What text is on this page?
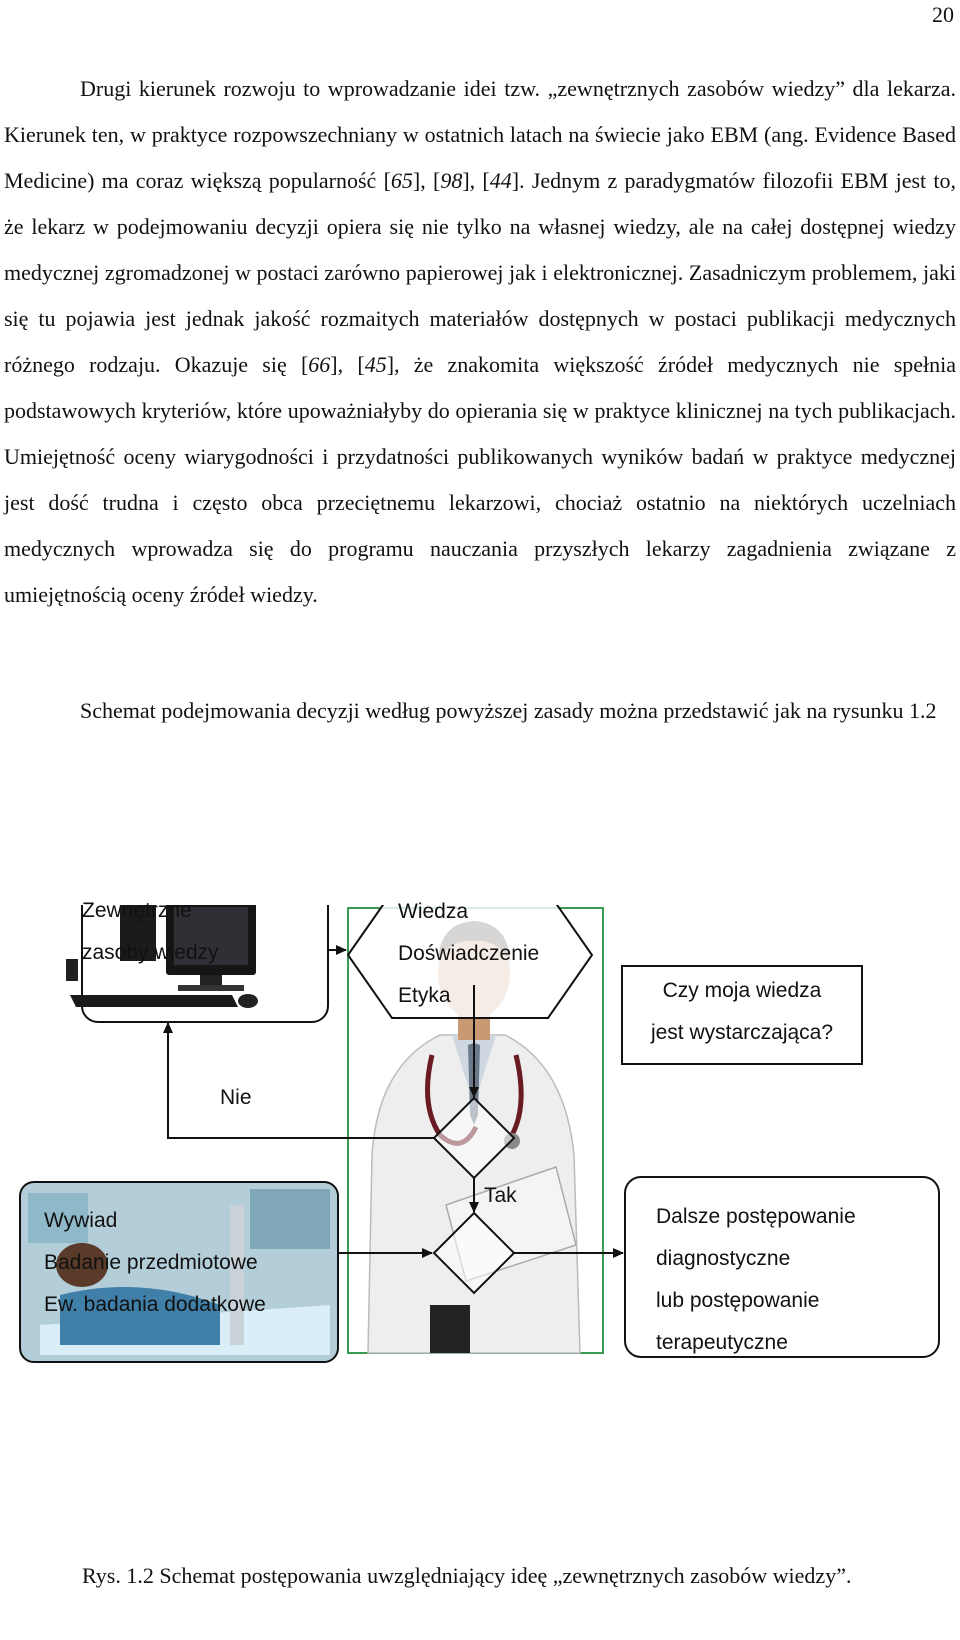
20

Drugi kierunek rozwoju to wprowadzanie idei tzw. „zewnętrznych zasobów wiedzy” dla lekarza. Kierunek ten, w praktyce rozpowszechniany w ostatnich latach na świecie jako EBM (ang. Evidence Based Medicine) ma coraz większą popularność [65], [98], [44]. Jednym z paradygmatów filozofii EBM jest to, że lekarz w podejmowaniu decyzji opiera się nie tylko na własnej wiedzy, ale na całej dostępnej wiedzy medycznej zgromadzonej w postaci zarówno papierowej jak i elektronicznej. Zasadniczym problemem, jaki się tu pojawia jest jednak jakość rozmaitych materiałów dostępnych w postaci publikacji medycznych różnego rodzaju. Okazuje się [66], [45], że znakomita większość źródeł medycznych nie spełnia podstawowych kryteriów, które upoważniałyby do opierania się w praktyce klinicznej na tych publikacjach. Umiejętność oceny wiarygodności i przydatności publikowanych wyników badań w praktyce medycznej jest dość trudna i często obca przeciętnemu lekarzowi, chociaż ostatnio na niektórych uczelniach medycznych wprowadza się do programu nauczania przyszłych lekarzy zagadnienia związane z umiejętnością oceny źródeł wiedzy.

Schemat podejmowania decyzji według powyższej zasady można przedstawić jak na rysunku 1.2

Zewnętrzne
zasoby wiedzy
Wiedza
Doświadczenie
Etyka	Czy moja wiedza
jest wystarczająca?
Nie
Tak
Wywiad
Badanie przedmiotowe
Ew. badania dodatkowe
Dalsze postępowanie
diagnostyczne
lub postępowanie
terapeutyczne

Rys. 1.2 Schemat postępowania uwzględniający ideę „zewnętrznych zasobów wiedzy”.
